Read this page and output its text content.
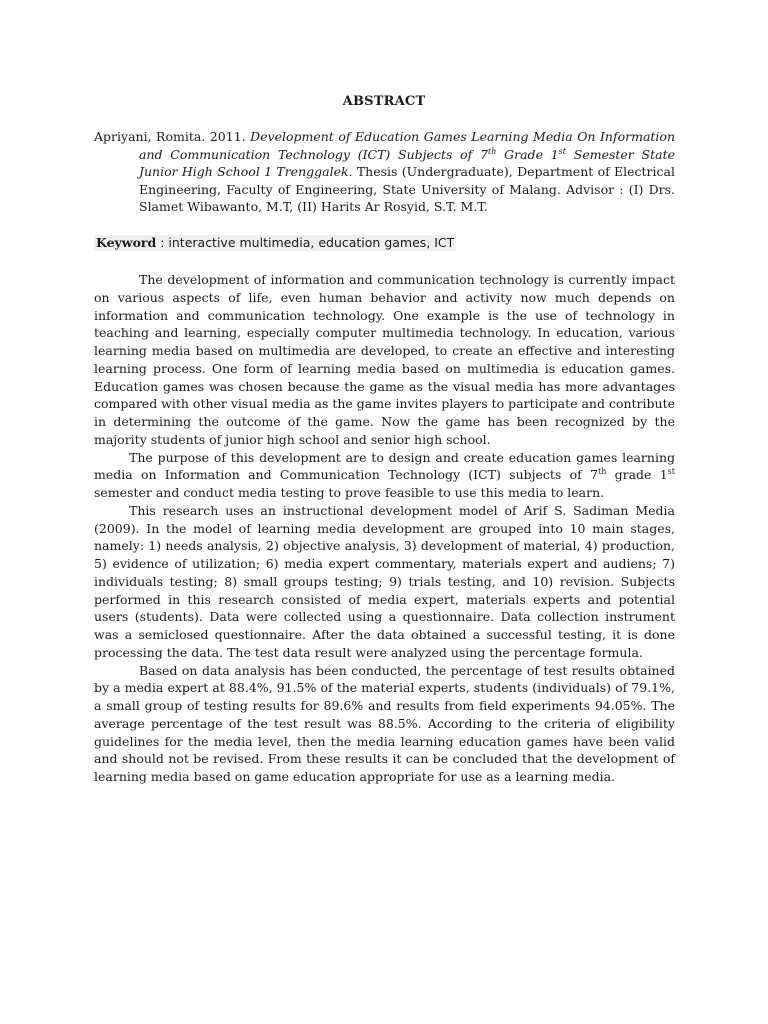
ABSTRACT
Apriyani, Romita. 2011. Development of Education Games Learning Media On Information and Communication Technology (ICT) Subjects of 7th Grade 1st Semester State Junior High School 1 Trenggalek. Thesis (Undergraduate), Department of Electrical Engineering, Faculty of Engineering, State University of Malang. Advisor : (I) Drs. Slamet Wibawanto, M.T, (II) Harits Ar Rosyid, S.T. M.T.
Keyword : interactive multimedia, education games, ICT

The development of information and communication technology is currently impact on various aspects of life, even human behavior and activity now much depends on information and communication technology. One example is the use of technology in teaching and learning, especially computer multimedia technology. In education, various learning media based on multimedia are developed, to create an effective and interesting learning process. One form of learning media based on multimedia is education games. Education games was chosen because the game as the visual media has more advantages compared with other visual media as the game invites players to participate and contribute in determining the outcome of the game. Now the game has been recognized by the majority students of junior high school and senior high school.

The purpose of this development are to design and create education games learning media on Information and Communication Technology (ICT) subjects of 7th grade 1st semester and conduct media testing to prove feasible to use this media to learn.

This research uses an instructional development model of Arif S. Sadiman Media (2009). In the model of learning media development are grouped into 10 main stages, namely: 1) needs analysis, 2) objective analysis, 3) development of material, 4) production, 5) evidence of utilization; 6) media expert commentary, materials expert and audiens; 7) individuals testing; 8) small groups testing; 9) trials testing, and 10) revision. Subjects performed in this research consisted of media expert, materials experts and potential users (students). Data were collected using a questionnaire. Data collection instrument was a semiclosed questionnaire. After the data obtained a successful testing, it is done processing the data. The test data result were analyzed using the percentage formula.

Based on data analysis has been conducted, the percentage of test results obtained by a media expert at 88.4%, 91.5% of the material experts, students (individuals) of 79.1%, a small group of testing results for 89.6% and results from field experiments 94.05%. The average percentage of the test result was 88.5%. According to the criteria of eligibility guidelines for the media level, then the media learning education games have been valid and should not be revised. From these results it can be concluded that the development of learning media based on game education appropriate for use as a learning media.
